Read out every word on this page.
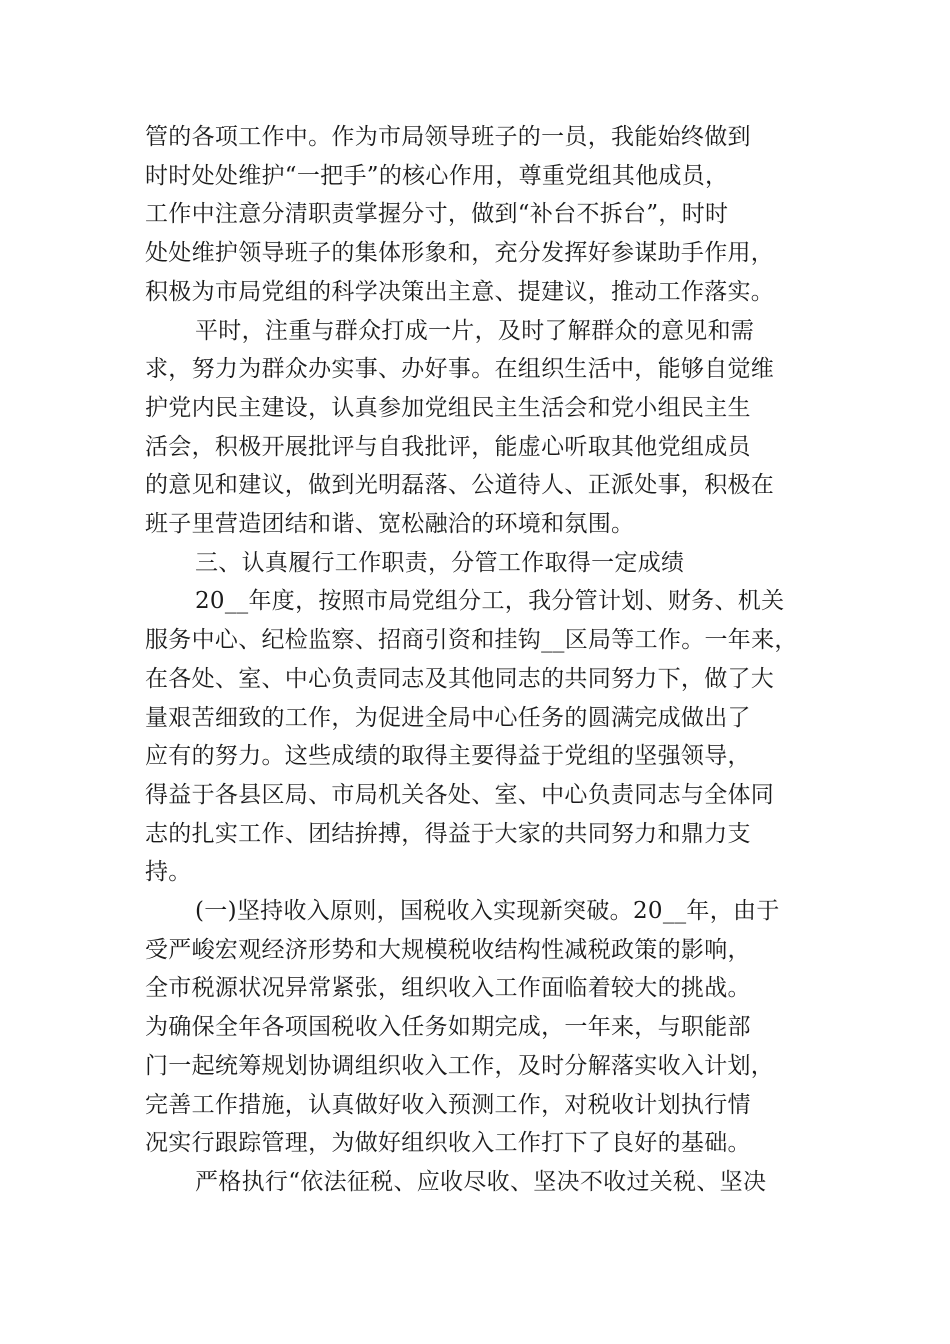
管的各项工作中。作为市局领导班子的一员，我能始终做到
时时处处维护“一把手”的核心作用，尊重党组其他成员，
工作中注意分清职责掌握分寸，做到“补台不拆台”，时时
处处维护领导班子的集体形象和，充分发挥好参谋助手作用，
积极为市局党组的科学决策出主意、提建议，推动工作落实。

平时，注重与群众打成一片，及时了解群众的意见和需
求，努力为群众办实事、办好事。在组织生活中，能够自觉维
护党内民主建设，认真参加党组民主生活会和党小组民主生
活会，积极开展批评与自我批评，能虚心听取其他党组成员
的意见和建议，做到光明磊落、公道待人、正派处事，积极在
班子里营造团结和谐、宽松融洽的环境和氛围。

三、认真履行工作职责，分管工作取得一定成绩

20__年度，按照市局党组分工，我分管计划、财务、机关
服务中心、纪检监察、招商引资和挂钩__区局等工作。一年来，
在各处、室、中心负责同志及其他同志的共同努力下，做了大
量艰苦细致的工作，为促进全局中心任务的圆满完成做出了
应有的努力。这些成绩的取得主要得益于党组的坚强领导，
得益于各县区局、市局机关各处、室、中心负责同志与全体同
志的扎实工作、团结拚搏，得益于大家的共同努力和鼎力支
持。

(一)坚持收入原则，国税收入实现新突破。20__年，由于
受严峻宏观经济形势和大规模税收结构性减税政策的影响，
全市税源状况异常紧张，组织收入工作面临着较大的挑战。
为确保全年各项国税收入任务如期完成，一年来，与职能部
门一起统筹规划协调组织收入工作，及时分解落实收入计划，
完善工作措施，认真做好收入预测工作，对税收计划执行情
况实行跟踪管理，为做好组织收入工作打下了良好的基础。

严格执行“依法征税、应收尽收、坚决不收过关税、坚决
